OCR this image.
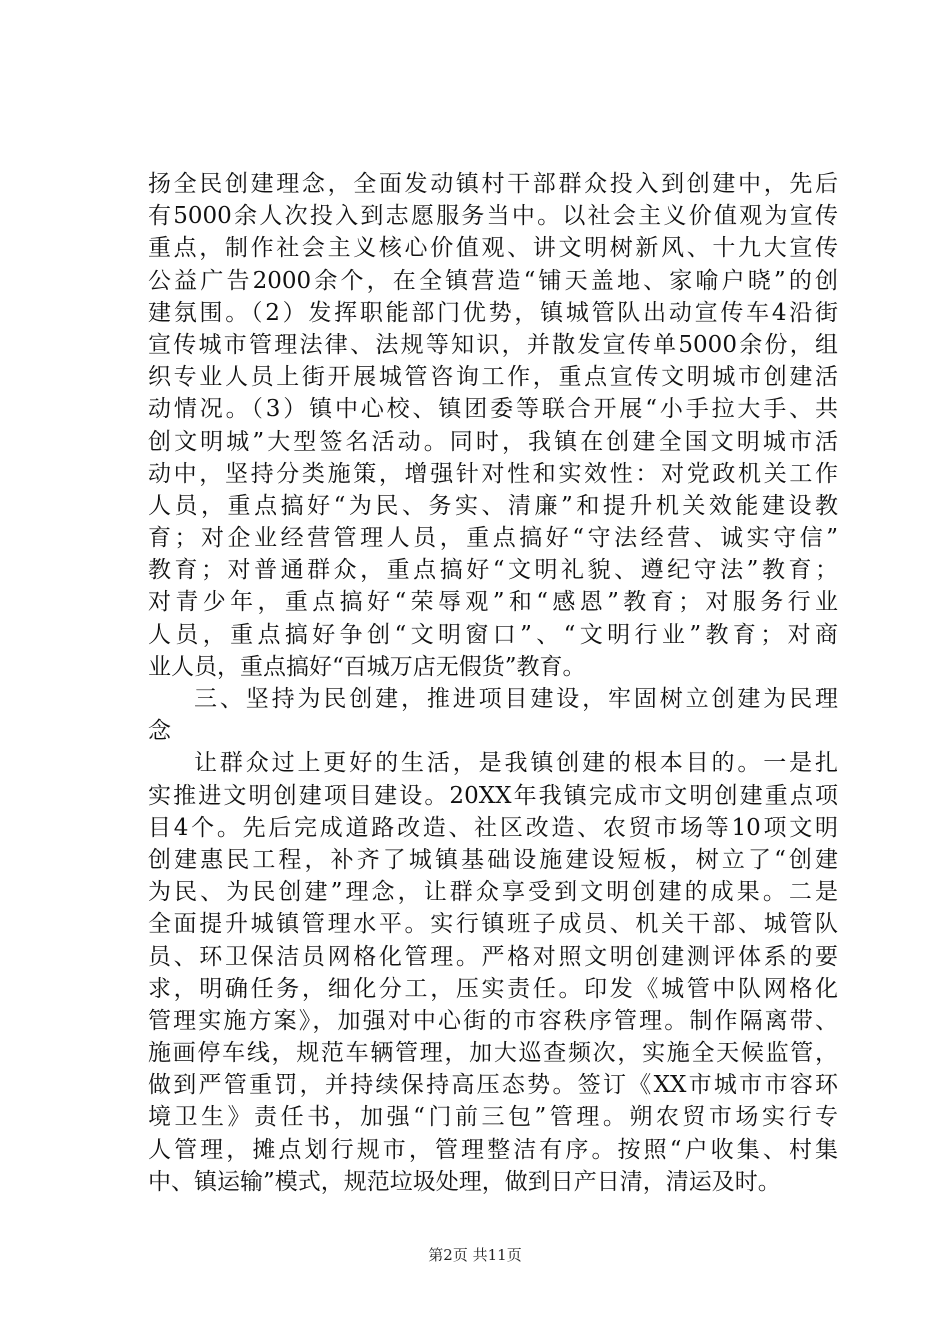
扬全民创建理念，全面发动镇村干部群众投入到创建中，先后
有5000余人次投入到志愿服务当中。以社会主义价值观为宣传
重点，制作社会主义核心价值观、讲文明树新风、十九大宣传
公益广告2000余个，在全镇营造“铺天盖地、家喻户晓”的创
建氛围。（2）发挥职能部门优势，镇城管队出动宣传车4沿街
宣传城市管理法律、法规等知识，并散发宣传单5000余份，组
织专业人员上街开展城管咨询工作，重点宣传文明城市创建活
动情况。（3）镇中心校、镇团委等联合开展“小手拉大手、共
创文明城”大型签名活动。同时，我镇在创建全国文明城市活
动中，坚持分类施策，增强针对性和实效性：对党政机关工作
人员，重点搞好“为民、务实、清廉”和提升机关效能建设教
育；对企业经营管理人员，重点搞好“守法经营、诚实守信”
教育；对普通群众，重点搞好“文明礼貌、遵纪守法”教育；
对青少年，重点搞好“荣辱观”和“感恩”教育；对服务行业
人员，重点搞好争创“文明窗口”、“文明行业”教育；对商
业人员，重点搞好“百城万店无假货”教育。
三、坚持为民创建，推进项目建设，牢固树立创建为民理
念
让群众过上更好的生活，是我镇创建的根本目的。一是扎
实推进文明创建项目建设。20XX年我镇完成市文明创建重点项
目4个。先后完成道路改造、社区改造、农贸市场等10项文明
创建惠民工程，补齐了城镇基础设施建设短板，树立了“创建
为民、为民创建”理念，让群众享受到文明创建的成果。二是
全面提升城镇管理水平。实行镇班子成员、机关干部、城管队
员、环卫保洁员网格化管理。严格对照文明创建测评体系的要
求，明确任务，细化分工，压实责任。印发《城管中队网格化
管理实施方案》，加强对中心街的市容秩序管理。制作隔离带、
施画停车线，规范车辆管理，加大巡查频次，实施全天候监管，
做到严管重罚，并持续保持高压态势。签订《XX市城市市容环
境卫生》责任书，加强“门前三包”管理。朔农贸市场实行专
人管理，摊点划行规市，管理整洁有序。按照“户收集、村集
中、镇运输”模式，规范垃圾处理，做到日产日清，清运及时。
第2页 共11页
